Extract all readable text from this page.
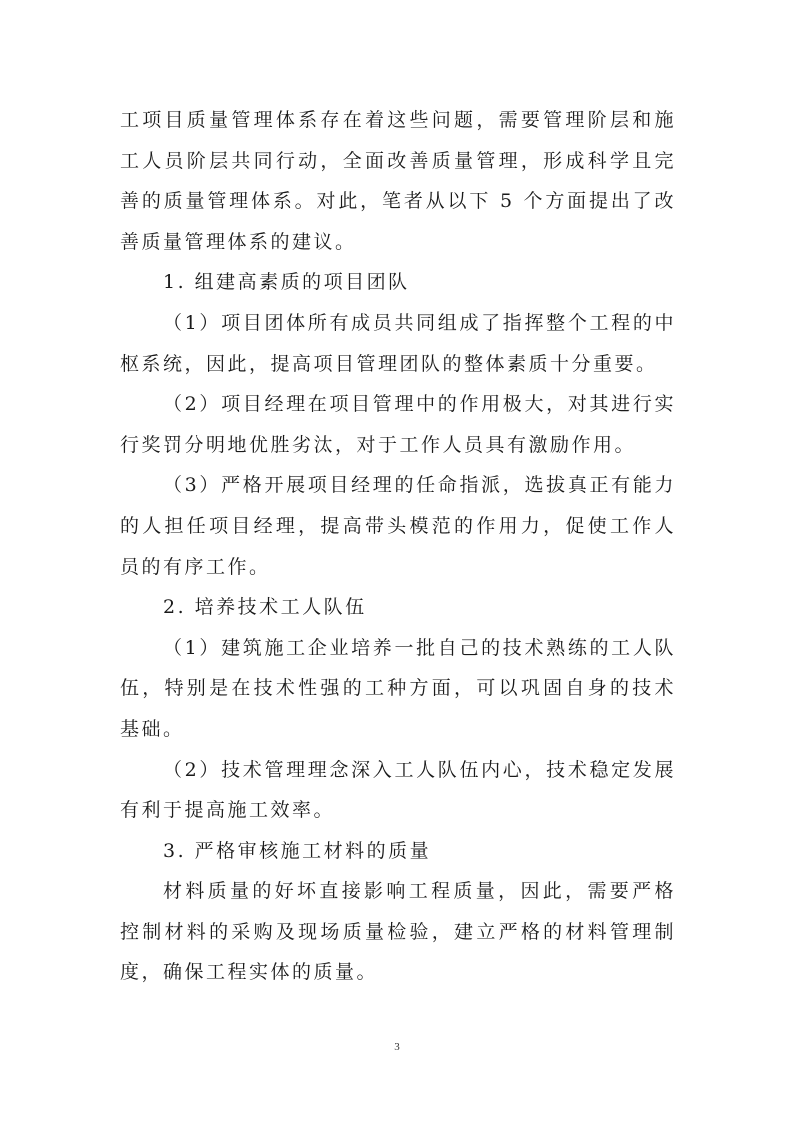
工项目质量管理体系存在着这些问题，需要管理阶层和施工人员阶层共同行动，全面改善质量管理，形成科学且完善的质量管理体系。对此，笔者从以下 5 个方面提出了改善质量管理体系的建议。

1. 组建高素质的项目团队

（1）项目团体所有成员共同组成了指挥整个工程的中枢系统，因此，提高项目管理团队的整体素质十分重要。

（2）项目经理在项目管理中的作用极大，对其进行实行奖罚分明地优胜劣汰，对于工作人员具有激励作用。

（3）严格开展项目经理的任命指派，选拔真正有能力的人担任项目经理，提高带头模范的作用力，促使工作人员的有序工作。

2. 培养技术工人队伍

（1）建筑施工企业培养一批自己的技术熟练的工人队伍，特别是在技术性强的工种方面，可以巩固自身的技术基础。

（2）技术管理理念深入工人队伍内心，技术稳定发展有利于提高施工效率。

3. 严格审核施工材料的质量

材料质量的好坏直接影响工程质量，因此，需要严格控制材料的采购及现场质量检验，建立严格的材料管理制度，确保工程实体的质量。

3
